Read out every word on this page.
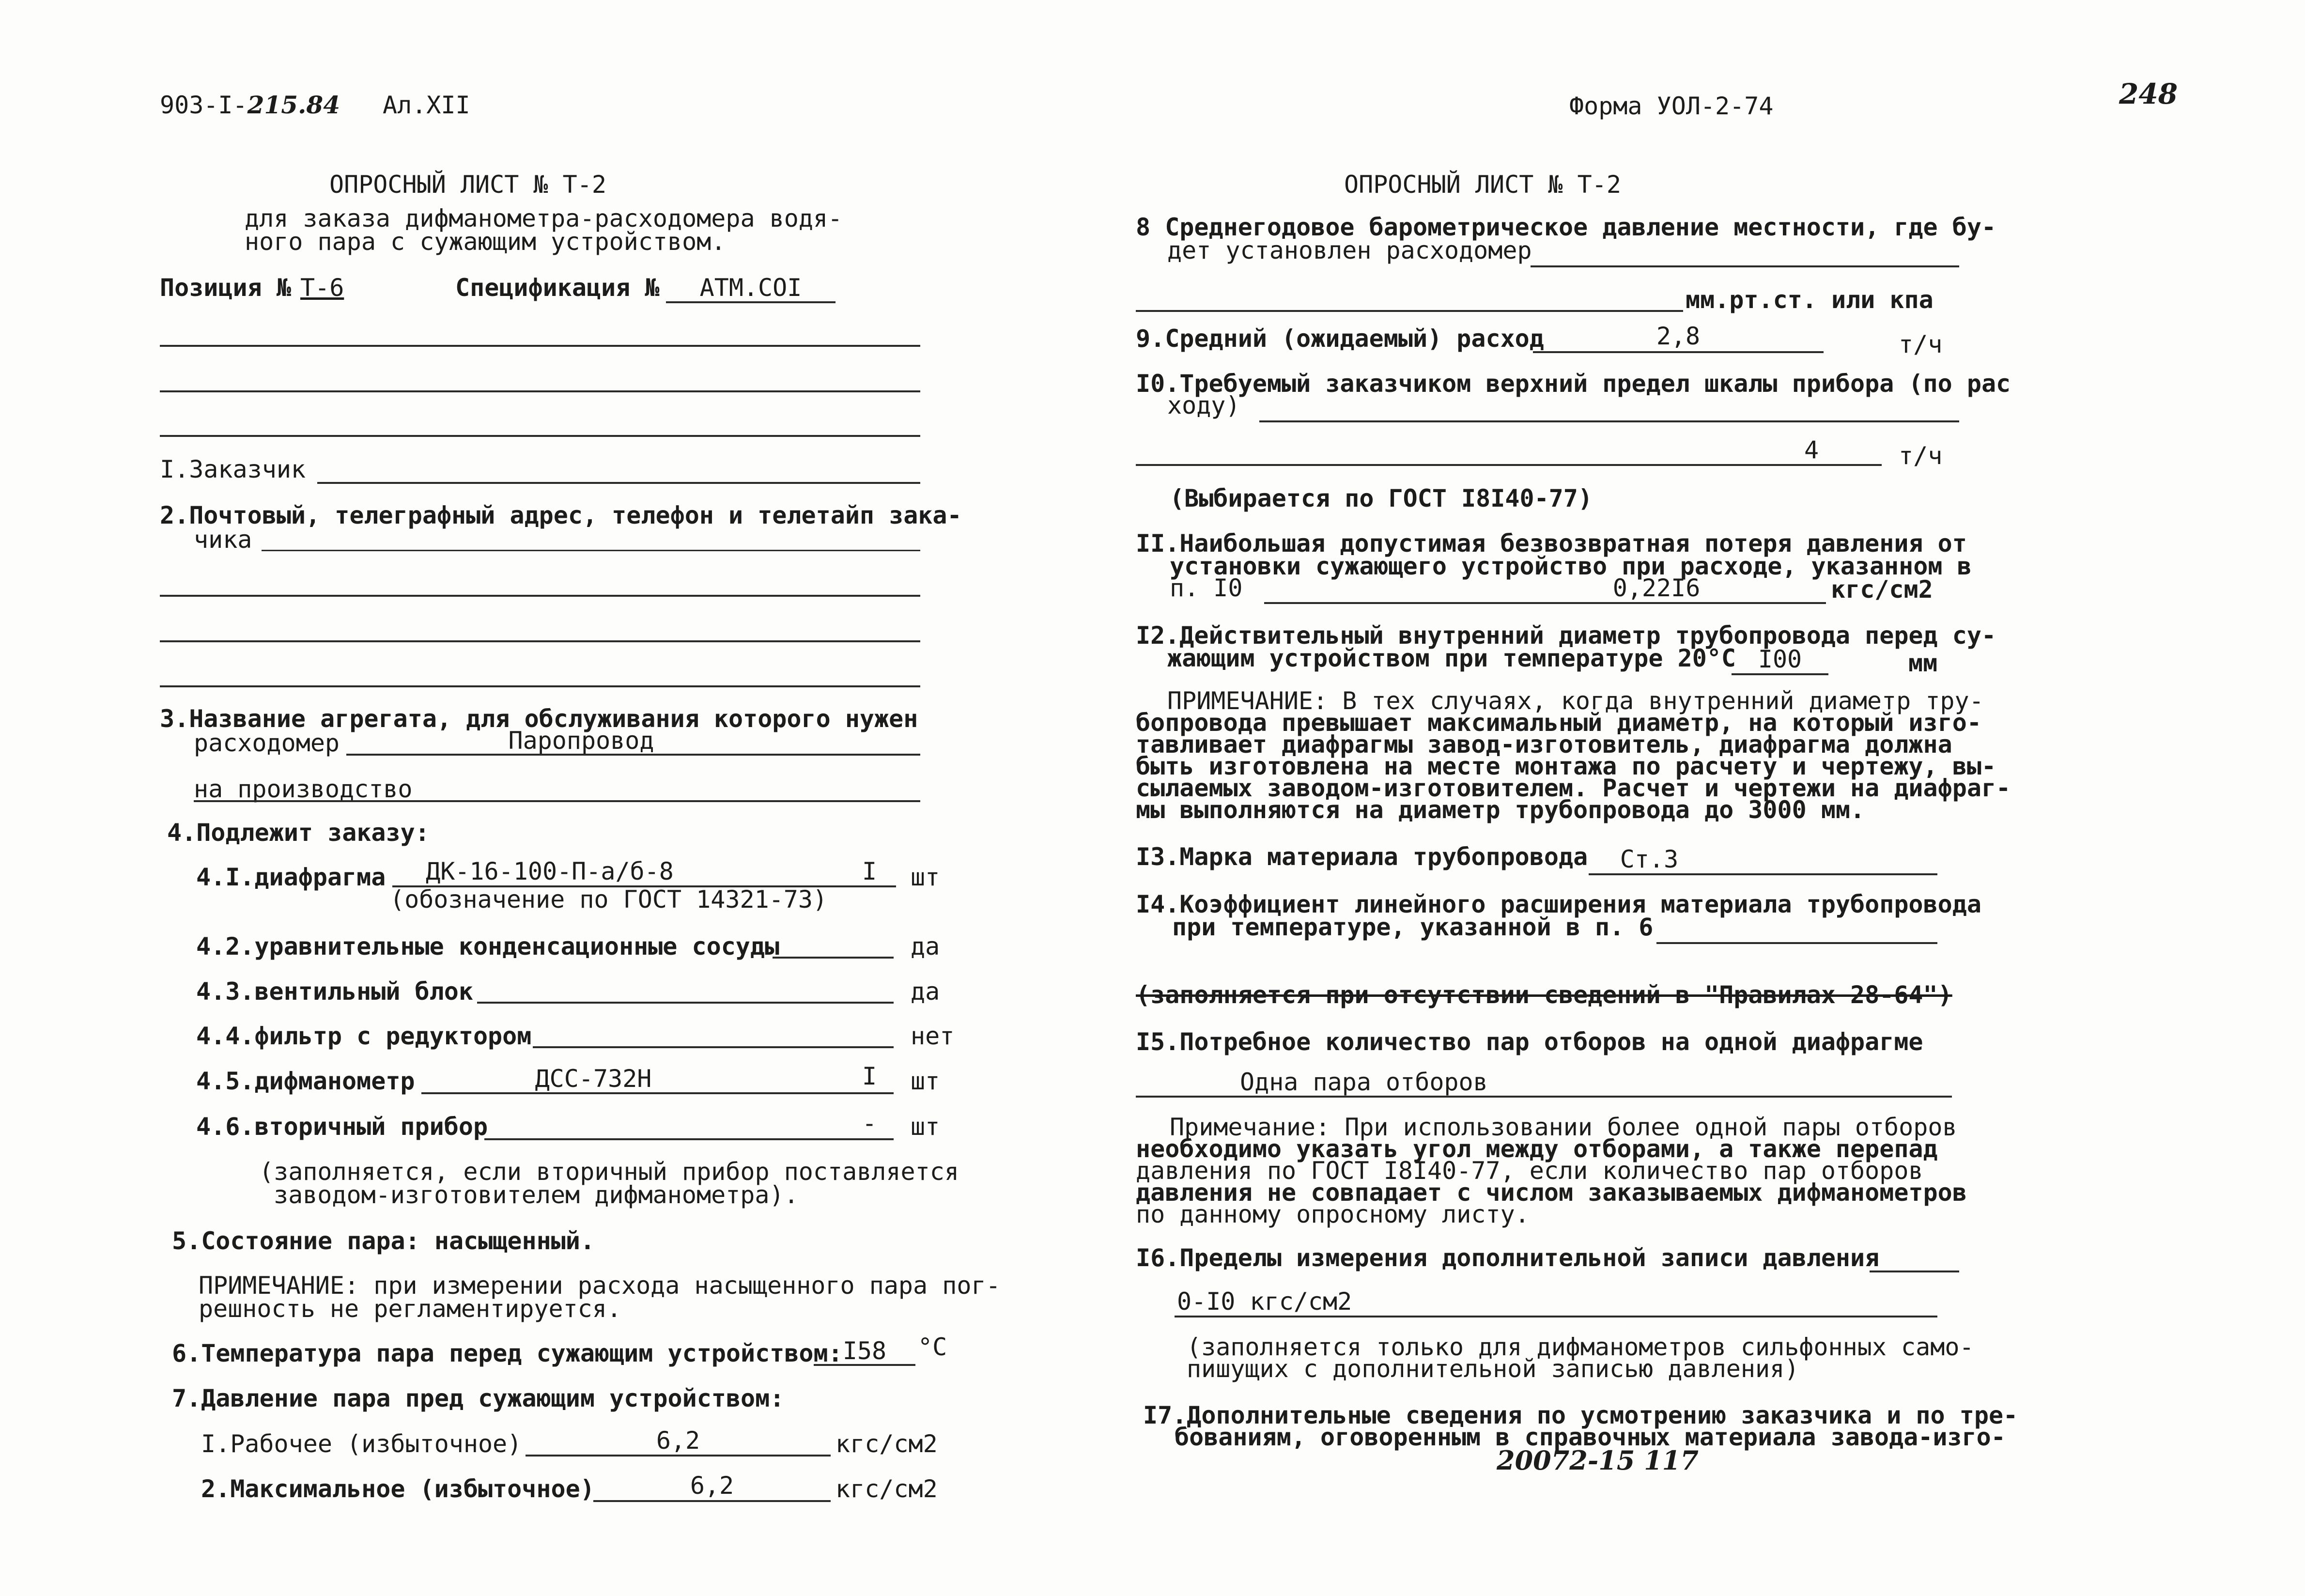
903-I-215.84 Ал.XII
ОПРОСНЫЙ ЛИСТ № Т-2
для заказа дифманометра-расходомера водя-
ного пара с сужающим устройством.
Позиция № Т-6	Спецификация №	АТМ.СОI
I.Заказчик
2.Почтовый, телеграфный адрес, телефон и телетайп зака-
чика
3.Название агрегата, для обслуживания которого нужен
расходомер	Паропровод
на производство
4.Подлежит заказу:
4.I.диафрагма	ДК-16-100-П-а/б-8	I шт
(обозначение по ГОСТ 14321-73)
4.2.уравнительные конденсационные сосуды	да
4.3.вентильный блок	да
4.4.фильтр с редуктором	нет
4.5.дифманометр	ДСС-732Н	I шт
4.6.вторичный прибор	- шт
(заполняется, если вторичный прибор поставляется
заводом-изготовителем дифманометра).
5.Состояние пара: насыщенный.
ПРИМЕЧАНИЕ: при измерении расхода насыщенного пара пог-
решность не регламентируется.
6.Температура пара перед сужающим устройством: I58	°C
7.Давление пара пред сужающим устройством:
I.Рабочее (избыточное)	6,2	кгс/см2
2.Максимальное (избыточное)	6,2	кгс/см2
Форма УОЛ-2-74	248
ОПРОСНЫЙ ЛИСТ № Т-2
8 Среднегодовое барометрическое давление местности, где бу-
дет установлен расходомер
мм.рт.ст. или кпа
9.Средний (ожидаемый) расход	2,8	т/ч
I0.Требуемый заказчиком верхний предел шкалы прибора (по рас
ходу)
4	т/ч
(Выбирается по ГОСТ I8I40-77)
II.Наибольшая допустимая безвозвратная потеря давления от
установки сужающего устройство при расходе, указанном в
п. I0	0,22I6	кгс/см2
I2.Действительный внутренний диаметр трубопровода перед су-
жающим устройством при температуре 20°С I00	мм
ПРИМЕЧАНИЕ: В тех случаях, когда внутренний диаметр тру-
бопровода превышает максимальный диаметр, на который изго-
тавливает диафрагмы завод-изготовитель, диафрагма должна
быть изготовлена на месте монтажа по расчету и чертежу, вы-
сылаемых заводом-изготовителем. Расчет и чертежи на диафраг-
мы выполняются на диаметр трубопровода до 3000 мм.
I3.Марка материала трубопровода	Ст.3
I4.Коэффициент линейного расширения материала трубопровода
при температуре, указанной в п. 6
(заполняется при отсутствии сведений в "Правилах 28-64")
I5.Потребное количество пар отборов на одной диафрагме
Одна пара отборов
Примечание: При использовании более одной пары отборов
необходимо указать угол между отборами, а также перепад
давления по ГОСТ I8I40-77, если количество пар отборов
давления не совпадает с числом заказываемых дифманометров
по данному опросному листу.
I6.Пределы измерения дополнительной записи давления
0-I0 кгс/см2
(заполняется только для дифманометров сильфонных само-
пишущих с дополнительной записью давления)
I7.Дополнительные сведения по усмотрению заказчика и по тре-
бованиям, оговоренным в справочных материала завода-изго-
20072-15 117
